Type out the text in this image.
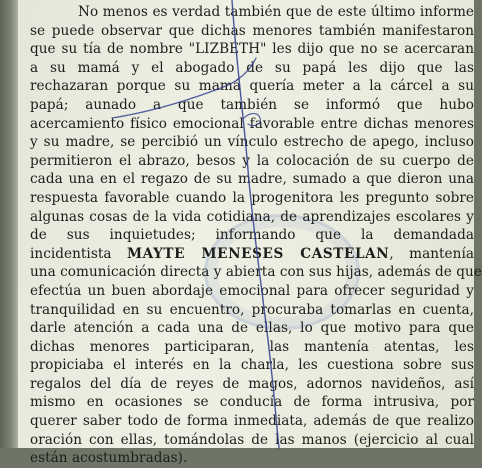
No menos es verdad también que de este último informe
se puede observar que dichas menores también manifestaron
que su tía de nombre "LIZBETH" les dijo que no se acercaran
a su mamá y el abogado de su papá les dijo que las
rechazaran porque su mamá quería meter a la cárcel a su
papá; aunado a que también se informó que hubo
acercamiento físico emocional favorable entre dichas menores
y su madre, se percibió un vínculo estrecho de apego, incluso
permitieron el abrazo, besos y la colocación de su cuerpo de
cada una en el regazo de su madre, sumado a que dieron una
respuesta favorable cuando la progenitora les pregunto sobre
algunas cosas de la vida cotidiana, de aprendizajes escolares y
de sus inquietudes; informando que la demandada
incidentista MAYTE MENESES CASTELAN, mantenía
una comunicación directa y abierta con sus hijas, además de que
efectúa un buen abordaje emocional para ofrecer seguridad y
tranquilidad en su encuentro, procuraba tomarlas en cuenta,
darle atención a cada una de ellas, lo que motivo para que
dichas menores participaran, las mantenía atentas, les
propiciaba el interés en la charla, les cuestiona sobre sus
regalos del día de reyes de magos, adornos navideños, así
mismo en ocasiones se conducía de forma intrusiva, por
querer saber todo de forma inmediata, además de que realizo
oración con ellas, tomándolas de las manos (ejercicio al cual
están acostumbradas).
